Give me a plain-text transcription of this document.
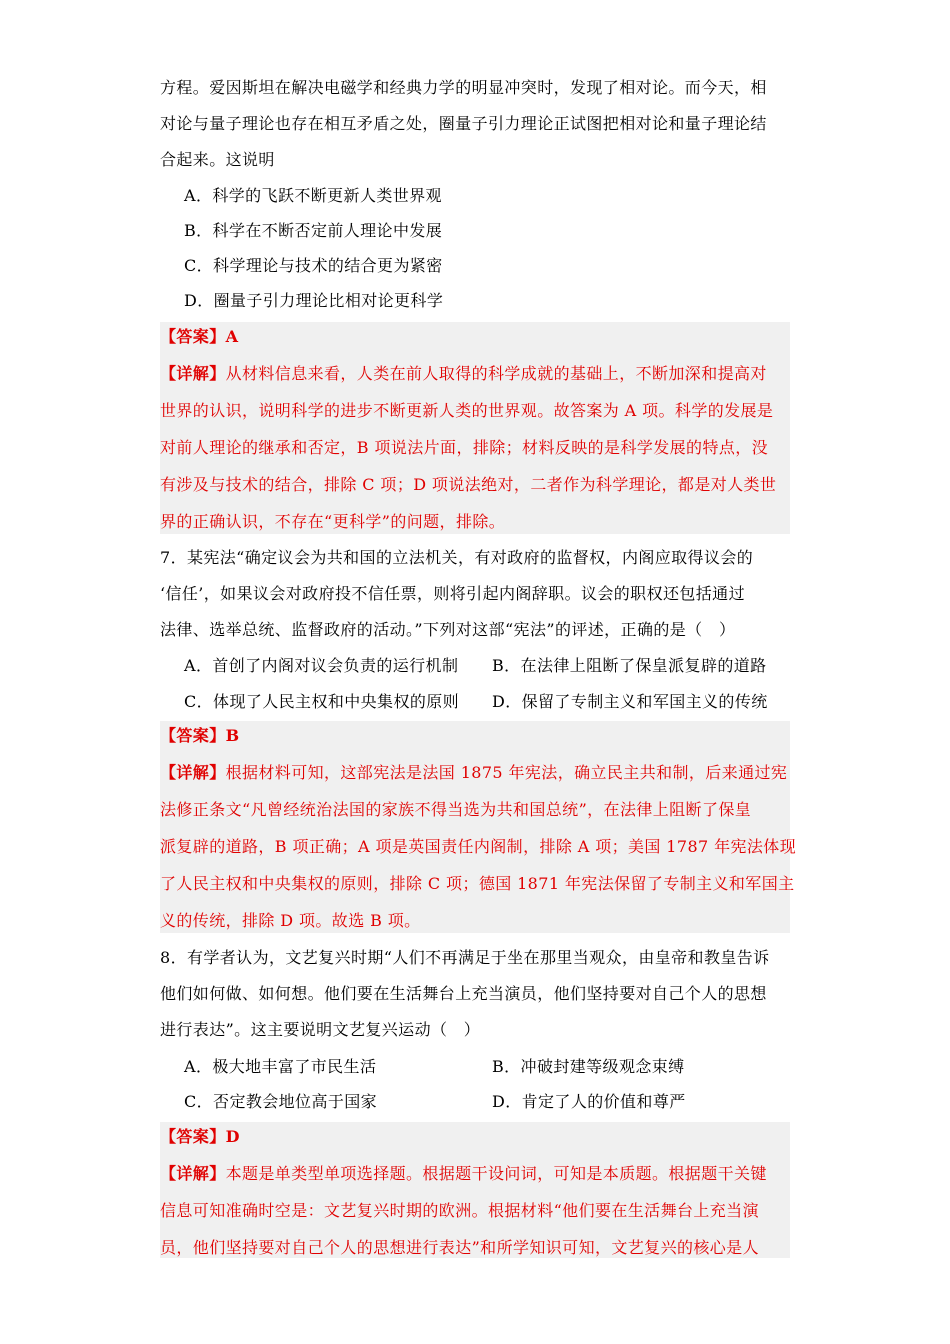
方程。爱因斯坦在解决电磁学和经典力学的明显冲突时，发现了相对论。而今天，相
对论与量子理论也存在相互矛盾之处，圈量子引力理论正试图把相对论和量子理论结
合起来。这说明
A．科学的飞跃不断更新人类世界观
B．科学在不断否定前人理论中发展
C．科学理论与技术的结合更为紧密
D．圈量子引力理论比相对论更科学
【答案】A
【详解】从材料信息来看，人类在前人取得的科学成就的基础上，不断加深和提高对
世界的认识，说明科学的进步不断更新人类的世界观。故答案为 A 项。科学的发展是
对前人理论的继承和否定，B 项说法片面，排除；材料反映的是科学发展的特点，没
有涉及与技术的结合，排除 C 项；D 项说法绝对，二者作为科学理论，都是对人类世
界的正确认识，不存在“更科学”的问题，排除。
7．某宪法“确定议会为共和国的立法机关，有对政府的监督权，内阁应取得议会的
‘信任’，如果议会对政府投不信任票，则将引起内阁辞职。议会的职权还包括通过
法律、选举总统、监督政府的活动。”下列对这部“宪法”的评述，正确的是（　）
A．首创了内阁对议会负责的运行机制 B．在法律上阻断了保皇派复辟的道路
C．体现了人民主权和中央集权的原则 D．保留了专制主义和军国主义的传统
【答案】B
【详解】根据材料可知，这部宪法是法国 1875 年宪法，确立民主共和制，后来通过宪
法修正条文“凡曾经统治法国的家族不得当选为共和国总统”，在法律上阻断了保皇
派复辟的道路，B 项正确；A 项是英国责任内阁制，排除 A 项；美国 1787 年宪法体现
了人民主权和中央集权的原则，排除 C 项；德国 1871 年宪法保留了专制主义和军国主
义的传统，排除 D 项。故选 B 项。
8．有学者认为，文艺复兴时期“人们不再满足于坐在那里当观众，由皇帝和教皇告诉
他们如何做、如何想。他们要在生活舞台上充当演员，他们坚持要对自己个人的思想
进行表达”。这主要说明文艺复兴运动（　）
A．极大地丰富了市民生活	B．冲破封建等级观念束缚
C．否定教会地位高于国家	D．肯定了人的价值和尊严
【答案】D
【详解】本题是单类型单项选择题。根据题干设问词，可知是本质题。根据题干关键
信息可知准确时空是：文艺复兴时期的欧洲。根据材料“他们要在生活舞台上充当演
员，他们坚持要对自己个人的思想进行表达”和所学知识可知，文艺复兴的核心是人
